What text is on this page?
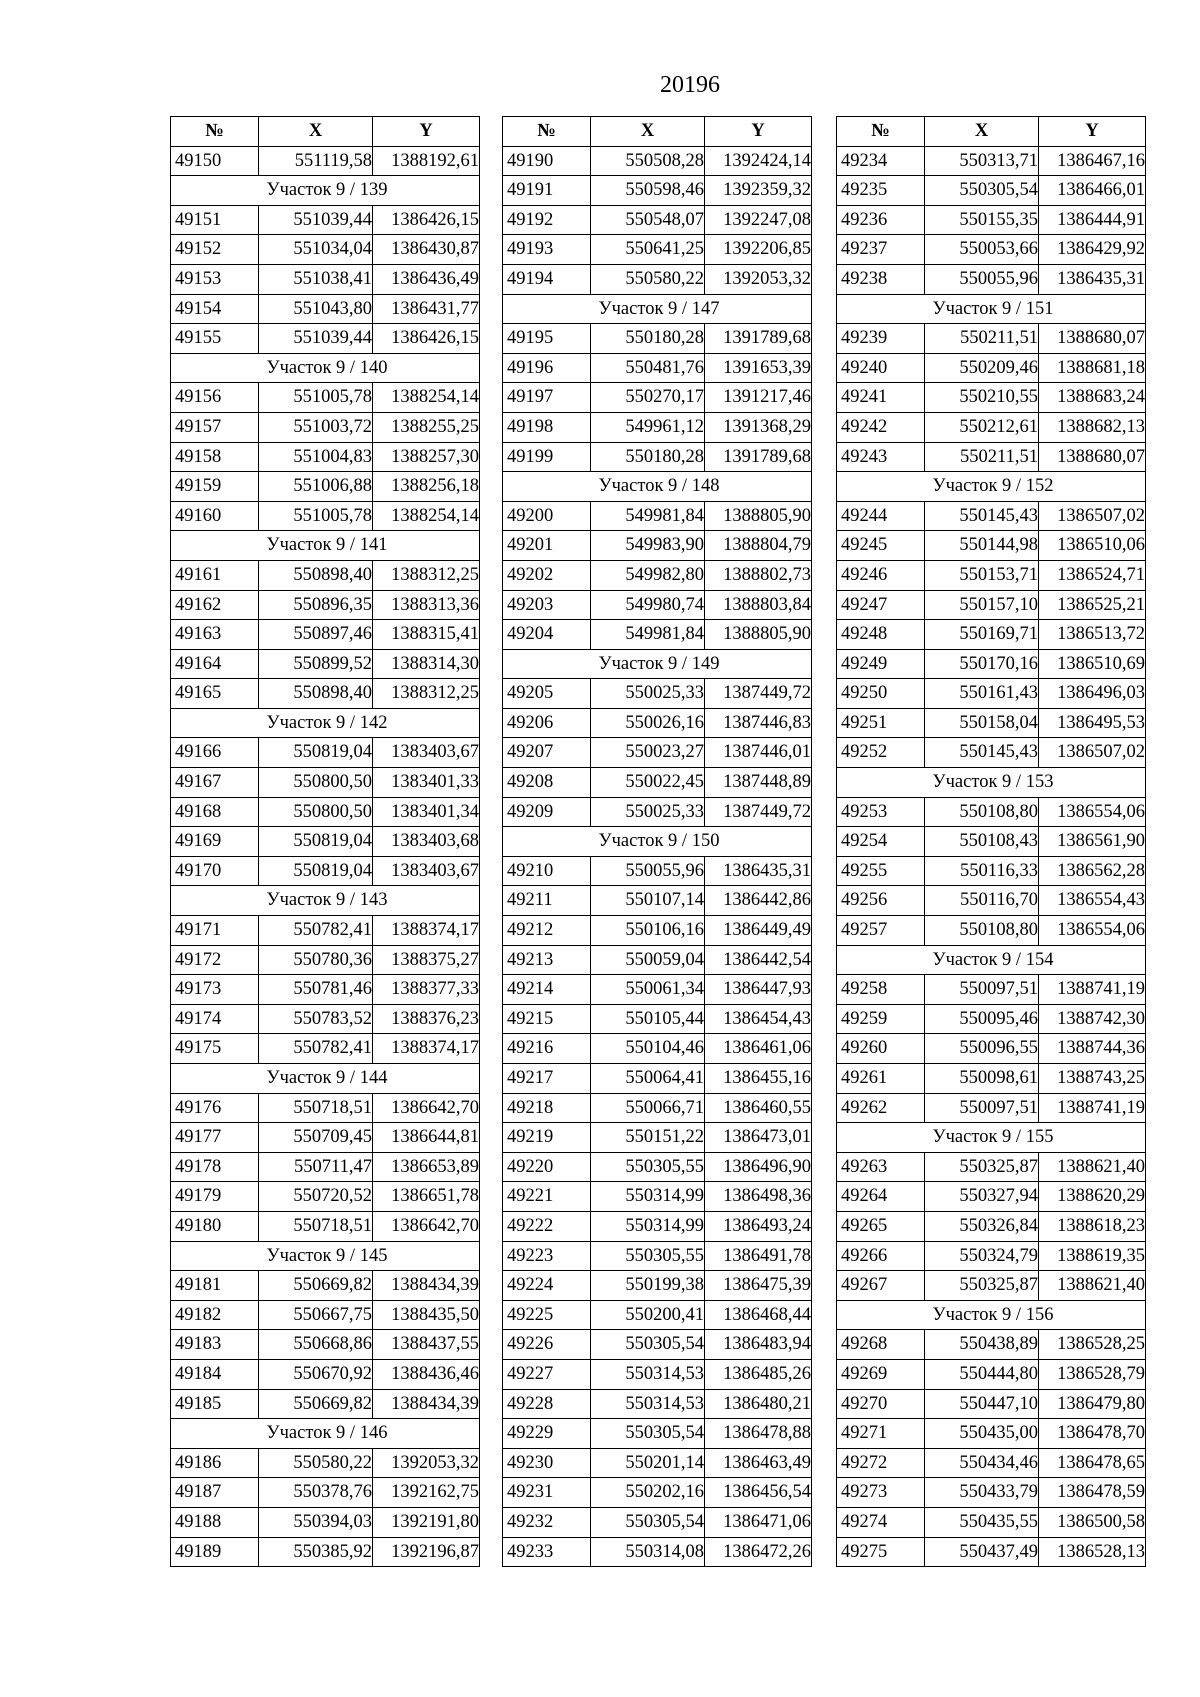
20196
№	X	Y
49150	551119,58	1388192,61
Участок 9 / 139		
49151	551039,44	1386426,15
49152	551034,04	1386430,87
49153	551038,41	1386436,49
49154	551043,80	1386431,77
49155	551039,44	1386426,15
Участок 9 / 140		
49156	551005,78	1388254,14
49157	551003,72	1388255,25
49158	551004,83	1388257,30
49159	551006,88	1388256,18
49160	551005,78	1388254,14
Участок 9 / 141		
49161	550898,40	1388312,25
49162	550896,35	1388313,36
49163	550897,46	1388315,41
49164	550899,52	1388314,30
49165	550898,40	1388312,25
Участок 9 / 142		
49166	550819,04	1383403,67
49167	550800,50	1383401,33
49168	550800,50	1383401,34
49169	550819,04	1383403,68
49170	550819,04	1383403,67
Участок 9 / 143		
49171	550782,41	1388374,17
49172	550780,36	1388375,27
49173	550781,46	1388377,33
49174	550783,52	1388376,23
49175	550782,41	1388374,17
Участок 9 / 144		
49176	550718,51	1386642,70
49177	550709,45	1386644,81
49178	550711,47	1386653,89
49179	550720,52	1386651,78
49180	550718,51	1386642,70
Участок 9 / 145		
49181	550669,82	1388434,39
49182	550667,75	1388435,50
49183	550668,86	1388437,55
49184	550670,92	1388436,46
49185	550669,82	1388434,39
Участок 9 / 146		
49186	550580,22	1392053,32
49187	550378,76	1392162,75
49188	550394,03	1392191,80
49189	550385,92	1392196,87
№	X	Y
49190	550508,28	1392424,14
49191	550598,46	1392359,32
49192	550548,07	1392247,08
49193	550641,25	1392206,85
49194	550580,22	1392053,32
Участок 9 / 147		
49195	550180,28	1391789,68
49196	550481,76	1391653,39
49197	550270,17	1391217,46
49198	549961,12	1391368,29
49199	550180,28	1391789,68
Участок 9 / 148		
49200	549981,84	1388805,90
49201	549983,90	1388804,79
49202	549982,80	1388802,73
49203	549980,74	1388803,84
49204	549981,84	1388805,90
Участок 9 / 149		
49205	550025,33	1387449,72
49206	550026,16	1387446,83
49207	550023,27	1387446,01
49208	550022,45	1387448,89
49209	550025,33	1387449,72
Участок 9 / 150		
49210	550055,96	1386435,31
49211	550107,14	1386442,86
49212	550106,16	1386449,49
49213	550059,04	1386442,54
49214	550061,34	1386447,93
49215	550105,44	1386454,43
49216	550104,46	1386461,06
49217	550064,41	1386455,16
49218	550066,71	1386460,55
49219	550151,22	1386473,01
49220	550305,55	1386496,90
49221	550314,99	1386498,36
49222	550314,99	1386493,24
49223	550305,55	1386491,78
49224	550199,38	1386475,39
49225	550200,41	1386468,44
49226	550305,54	1386483,94
49227	550314,53	1386485,26
49228	550314,53	1386480,21
49229	550305,54	1386478,88
49230	550201,14	1386463,49
49231	550202,16	1386456,54
49232	550305,54	1386471,06
49233	550314,08	1386472,26
№	X	Y
49234	550313,71	1386467,16
49235	550305,54	1386466,01
49236	550155,35	1386444,91
49237	550053,66	1386429,92
49238	550055,96	1386435,31
Участок 9 / 151		
49239	550211,51	1388680,07
49240	550209,46	1388681,18
49241	550210,55	1388683,24
49242	550212,61	1388682,13
49243	550211,51	1388680,07
Участок 9 / 152		
49244	550145,43	1386507,02
49245	550144,98	1386510,06
49246	550153,71	1386524,71
49247	550157,10	1386525,21
49248	550169,71	1386513,72
49249	550170,16	1386510,69
49250	550161,43	1386496,03
49251	550158,04	1386495,53
49252	550145,43	1386507,02
Участок 9 / 153		
49253	550108,80	1386554,06
49254	550108,43	1386561,90
49255	550116,33	1386562,28
49256	550116,70	1386554,43
49257	550108,80	1386554,06
Участок 9 / 154		
49258	550097,51	1388741,19
49259	550095,46	1388742,30
49260	550096,55	1388744,36
49261	550098,61	1388743,25
49262	550097,51	1388741,19
Участок 9 / 155		
49263	550325,87	1388621,40
49264	550327,94	1388620,29
49265	550326,84	1388618,23
49266	550324,79	1388619,35
49267	550325,87	1388621,40
Участок 9 / 156		
49268	550438,89	1386528,25
49269	550444,80	1386528,79
49270	550447,10	1386479,80
49271	550435,00	1386478,70
49272	550434,46	1386478,65
49273	550433,79	1386478,59
49274	550435,55	1386500,58
49275	550437,49	1386528,13
